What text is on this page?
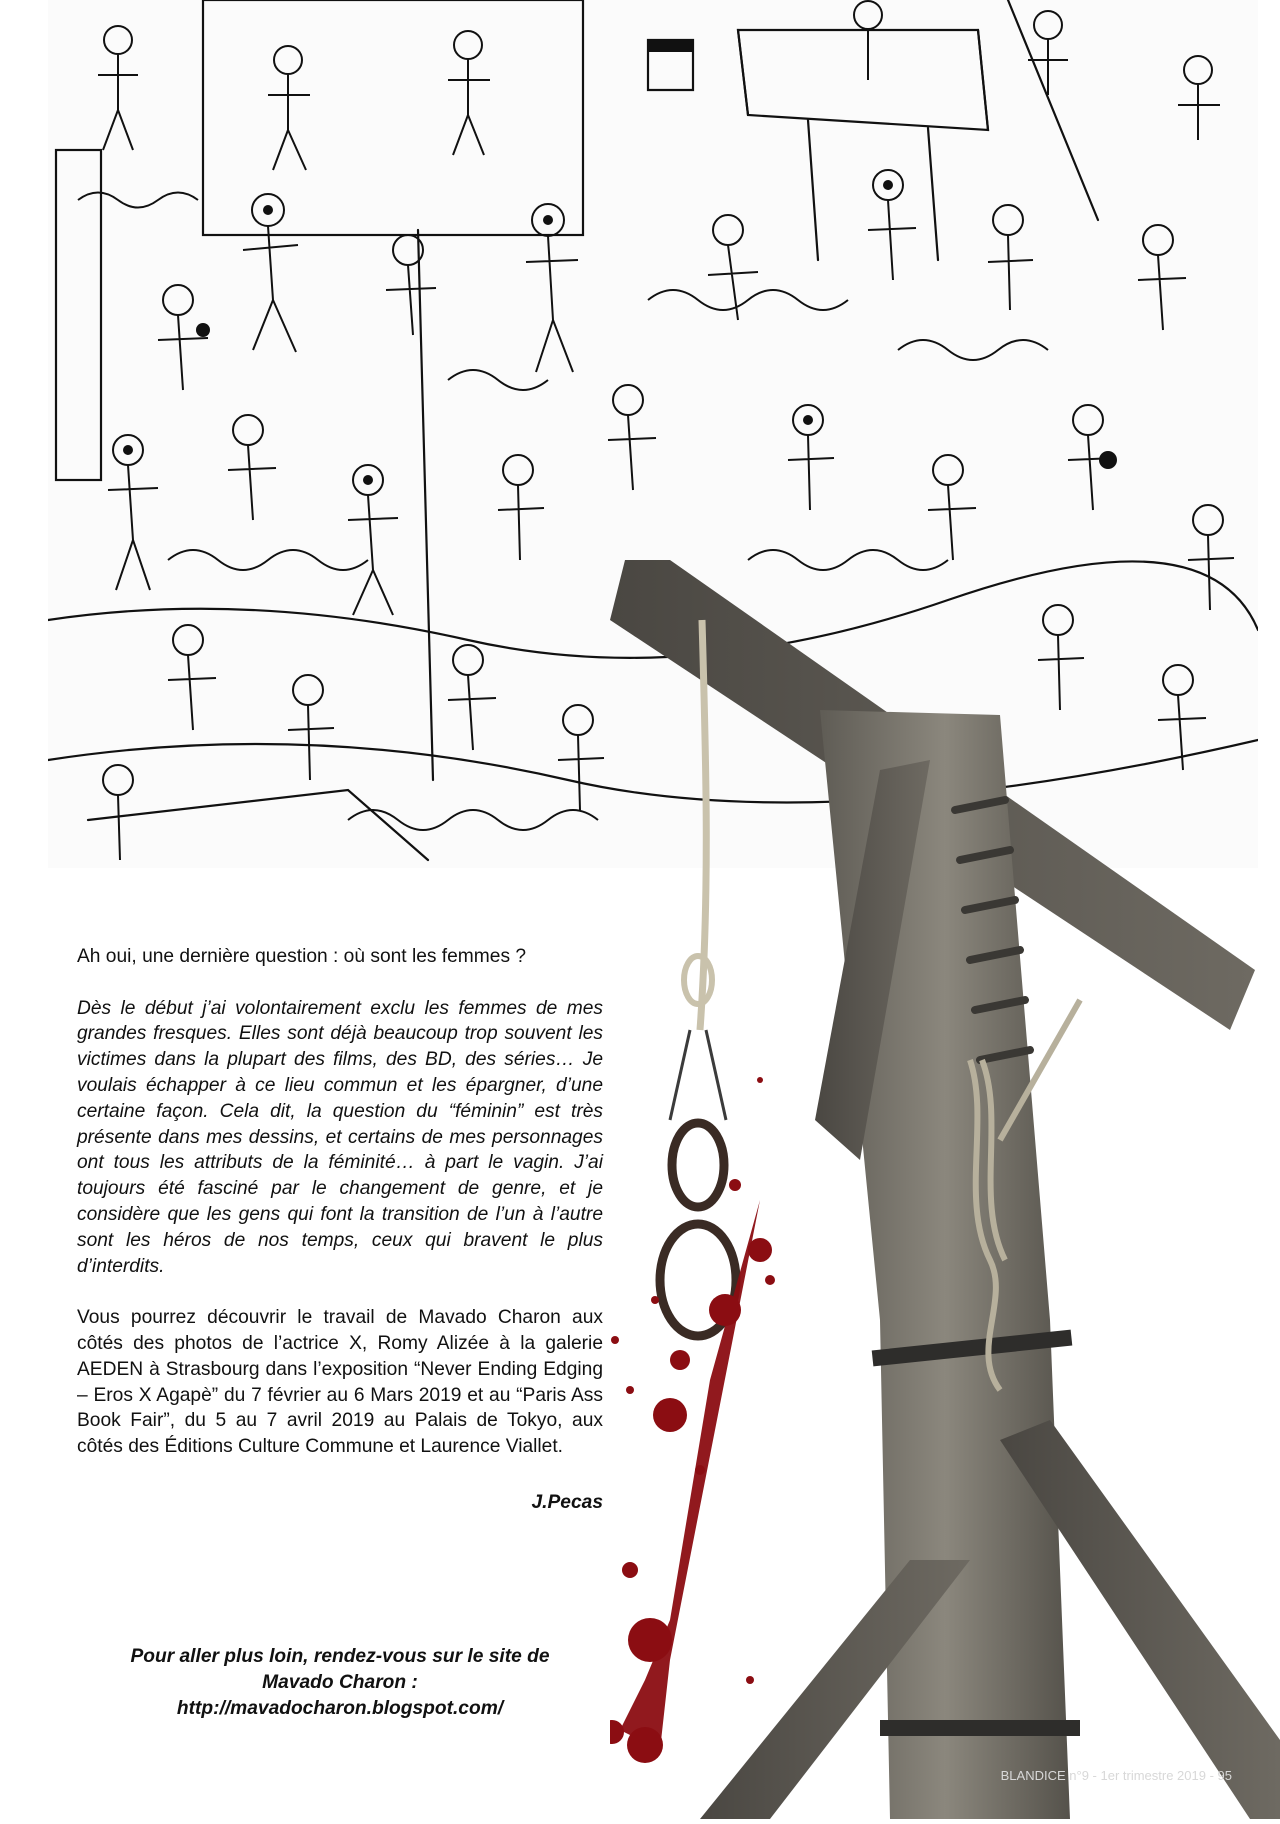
Ah oui, une dernière question : où sont les femmes ?

Dès le début j’ai volontairement exclu les femmes de mes grandes fresques. Elles sont déjà beaucoup trop souvent les victimes dans la plupart des films, des BD, des séries… Je voulais échapper à ce lieu commun et les épargner, d’une certaine façon. Cela dit, la question du “féminin” est très présente dans mes dessins, et certains de mes personnages ont tous les attributs de la féminité… à part le vagin. J’ai toujours été fasciné par le changement de genre, et je considère que les gens qui font la transition de l’un à l’autre sont les héros de nos temps, ceux qui bravent le plus d’interdits.

Vous pourrez découvrir le travail de Mavado Charon aux côtés des photos de l’actrice X, Romy Alizée à la galerie AEDEN à Strasbourg dans l’exposition “Never Ending Edging – Eros X Agapè” du 7 février au 6 Mars 2019 et au “Paris Ass Book Fair”, du 5 au 7 avril 2019 au Palais de Tokyo, aux côtés des Éditions Culture Commune et Laurence Viallet.

J.Pecas

Pour aller plus loin, rendez-vous sur le site de
Mavado Charon :
http://mavadocharon.blogspot.com/
BLANDICE n°9 - 1er trimestre 2019 - 95
